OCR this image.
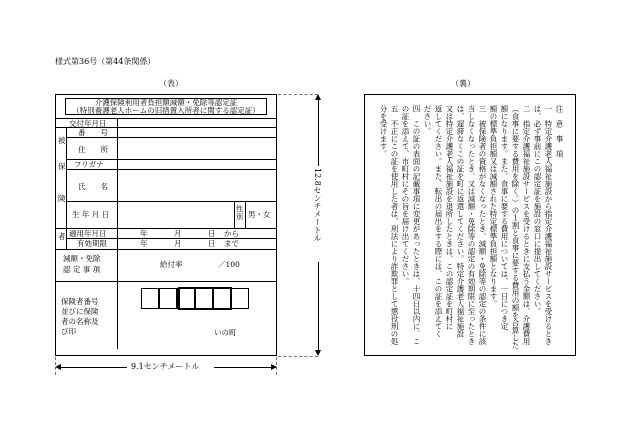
様式第36号（第44条関係）
（表）	（裏）
介護保険利用者負担額減額・免除等認定証
（特別養護老人ホームの旧措置入所者に関する認定証）
交付年月日
被
保
険
者
番　　号
住　　所
フリガナ
氏　　名
生 年 月 日
性別 男・女
適用年月日	年	月	日 から
有効期限	年	月	日 まで
減額・免除
認 定 事 項
給付率	／100
保険者番号
並びに保険
者の名称及
び印	いの町
注　意　事　項
一　特定介護老人福祉施設から指定介護福祉施設サービスを受けるとき
は、必ず事前にこの認定証を施設の窓口に提出してください。
二　指定介護福祉施設サービスを受けるときに支払う金額は、介護費用
（食事に要する費用を除く。）の１割と食事に要する費用の額を合算した
額になります。また、食事に要する費用については、一日につき定
額の標準負担額又は減額された特定標準負担額となります。
三　被保険者の資格がなくなったとき、減額・免除等の認定の条件に該
当しなくなったとき、又は減額・免除等の認定の有効期限に至ったとき
は、遅滞なくこの証を町に返還してください。特定介護老人福祉施設
又は特定介護老人福祉施設を退所したときは、この認定証を町村に
返してください。また、転出の届出をする際には、この証を添えてく
ださい。
四　この証の表面の記載事項に変更があったときは、十四日以内に、こ
の証を添えて、市町村にその旨を届け出てください。
五　不正にこの証を使用した者は、刑法により詐欺罪として懲役刑の処
分を受けます。
12.8センチメートル
9.1センチメートル
